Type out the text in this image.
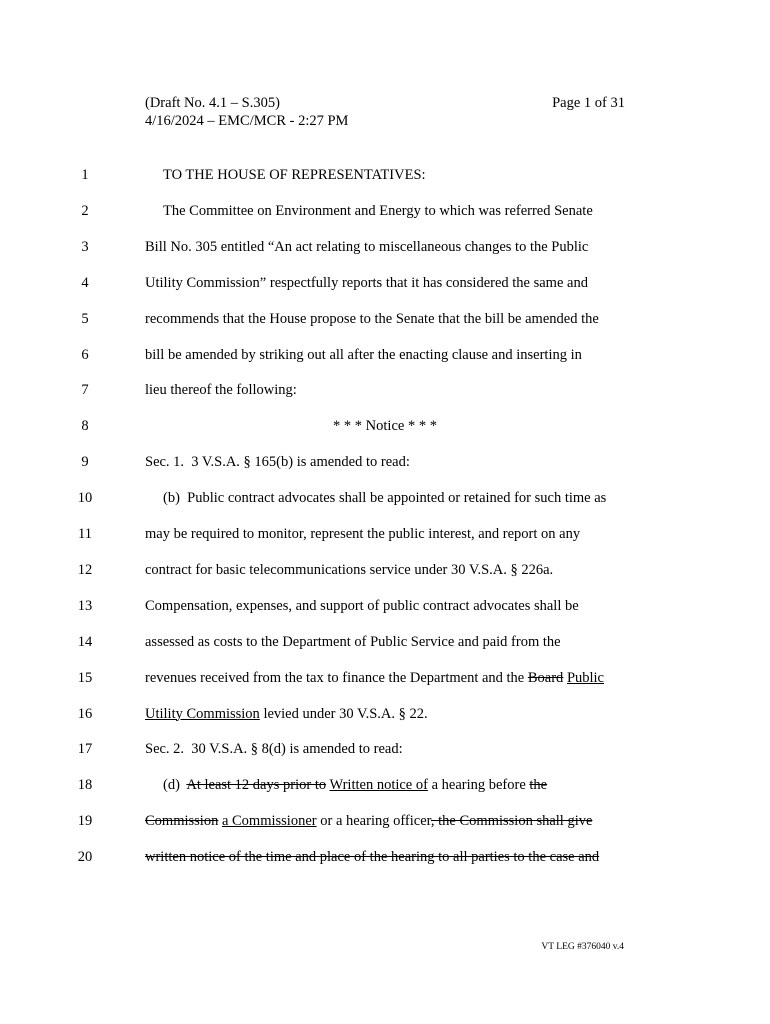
(Draft No. 4.1 – S.305)
4/16/2024 – EMC/MCR - 2:27 PM
Page 1 of 31
1	TO THE HOUSE OF REPRESENTATIVES:
2	The Committee on Environment and Energy to which was referred Senate
3	Bill No. 305 entitled “An act relating to miscellaneous changes to the Public
4	Utility Commission” respectfully reports that it has considered the same and
5	recommends that the House propose to the Senate that the bill be amended the
6	bill be amended by striking out all after the enacting clause and inserting in
7	lieu thereof the following:
8	* * * Notice * * *
9	Sec. 1.  3 V.S.A. § 165(b) is amended to read:
10	(b)  Public contract advocates shall be appointed or retained for such time as
11	may be required to monitor, represent the public interest, and report on any
12	contract for basic telecommunications service under 30 V.S.A. § 226a.
13	Compensation, expenses, and support of public contract advocates shall be
14	assessed as costs to the Department of Public Service and paid from the
15	revenues received from the tax to finance the Department and the Board Public
16	Utility Commission levied under 30 V.S.A. § 22.
17	Sec. 2.  30 V.S.A. § 8(d) is amended to read:
18	(d)  At least 12 days prior to Written notice of a hearing before the
19	Commission a Commissioner or a hearing officer, the Commission shall give
20	written notice of the time and place of the hearing to all parties to the case and
VT LEG #376040 v.4
